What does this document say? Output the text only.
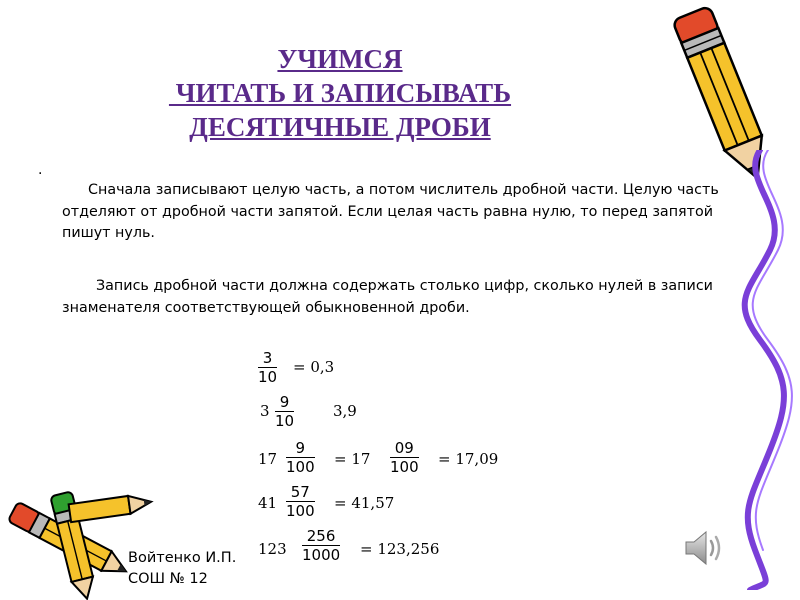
УЧИМСЯ
ЧИТАТЬ И ЗАПИСЫВАТЬ
ДЕСЯТИЧНЫЕ ДРОБИ
.
Сначала записывают целую часть, а потом числитель дробной части. Целую часть отделяют от дробной части запятой. Если целая часть равна нулю, то перед запятой пишут нуль.
Запись дробной части должна содержать столько цифр, сколько нулей в записи знаменателя соответствующей обыкновенной дроби.
3
10
= 0,3
3 9
10
3,9
17
9
100 = 17
09
100 = 17,09
41
57
100 = 41,57
123
256
1000 = 123,256
Войтенко И.П.
СОШ № 12
